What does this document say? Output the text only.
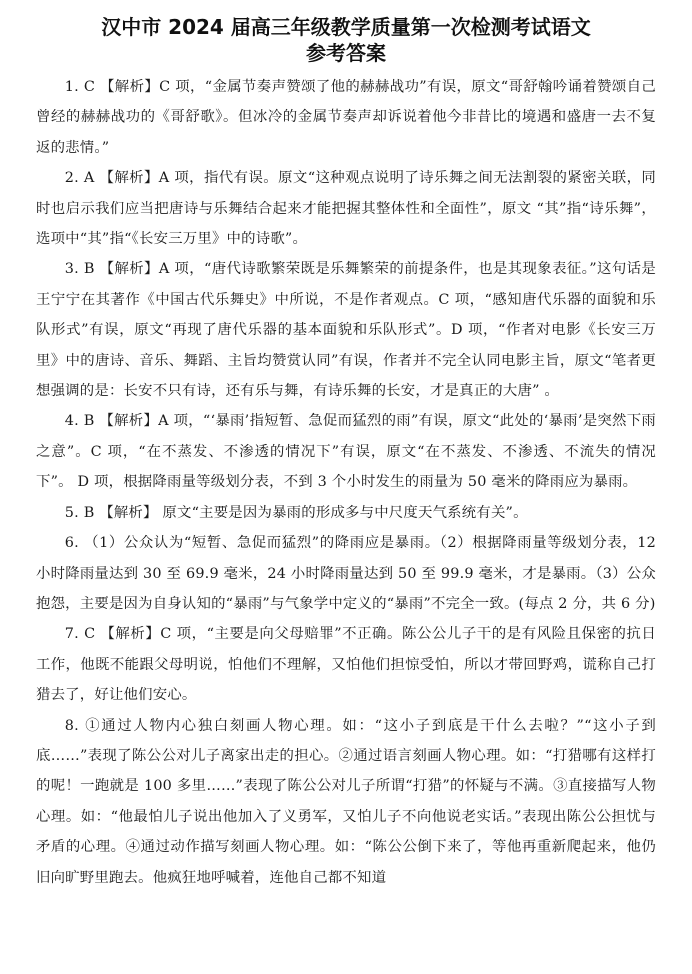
汉中市 2024 届高三年级教学质量第一次检测考试语文
参考答案

1. C 【解析】C 项，“金属节奏声赞颂了他的赫赫战功”有误，原文“哥舒翰吟诵着赞颂自己曾经的赫赫战功的《哥舒歌》。但冰冷的金属节奏声却诉说着他今非昔比的境遇和盛唐一去不复返的悲情。”

2. A 【解析】A 项，指代有误。原文“这种观点说明了诗乐舞之间无法割裂的紧密关联，同时也启示我们应当把唐诗与乐舞结合起来才能把握其整体性和全面性”，原文 “其”指“诗乐舞”，选项中“其”指“《长安三万里》中的诗歌”。

3. B 【解析】A 项，“唐代诗歌繁荣既是乐舞繁荣的前提条件，也是其现象表征。”这句话是王宁宁在其著作《中国古代乐舞史》中所说，不是作者观点。C 项，“感知唐代乐器的面貌和乐队形式”有误，原文“再现了唐代乐器的基本面貌和乐队形式”。D 项，“作者对电影《长安三万里》中的唐诗、音乐、舞蹈、主旨均赞赏认同”有误，作者并不完全认同电影主旨，原文“笔者更想强调的是：长安不只有诗，还有乐与舞，有诗乐舞的长安，才是真正的大唐” 。

4. B 【解析】A 项，“‘暴雨’指短暂、急促而猛烈的雨”有误，原文“此处的‘暴雨’是突然下雨之意”。C 项，“在不蒸发、不渗透的情况下”有误，原文“在不蒸发、不渗透、不流失的情况下”。 D 项，根据降雨量等级划分表，不到 3 个小时发生的雨量为 50 毫米的降雨应为暴雨。

5. B 【解析】 原文“主要是因为暴雨的形成多与中尺度天气系统有关”。

6. （1）公众认为“短暂、急促而猛烈”的降雨应是暴雨。（2）根据降雨量等级划分表，12 小时降雨量达到 30 至 69.9 毫米，24 小时降雨量达到 50 至 99.9 毫米，才是暴雨。（3）公众抱怨，主要是因为自身认知的“暴雨”与气象学中定义的“暴雨”不完全一致。(每点 2 分，共 6 分)

7. C 【解析】C 项，“主要是向父母赔罪”不正确。陈公公儿子干的是有风险且保密的抗日工作，他既不能跟父母明说，怕他们不理解，又怕他们担惊受怕，所以才带回野鸡，谎称自己打猎去了，好让他们安心。

8. ①通过人物内心独白刻画人物心理。如：“这小子到底是干什么去啦？”“这小子到底……”表现了陈公公对儿子离家出走的担心。②通过语言刻画人物心理。如：“打猎哪有这样打的呢！一跑就是 100 多里……”表现了陈公公对儿子所谓“打猎”的怀疑与不满。③直接描写人物心理。如：“他最怕儿子说出他加入了义勇军，又怕儿子不向他说老实话。”表现出陈公公担忧与矛盾的心理。④通过动作描写刻画人物心理。如：“陈公公倒下来了，等他再重新爬起来，他仍旧向旷野里跑去。他疯狂地呼喊着，连他自己都不知道
